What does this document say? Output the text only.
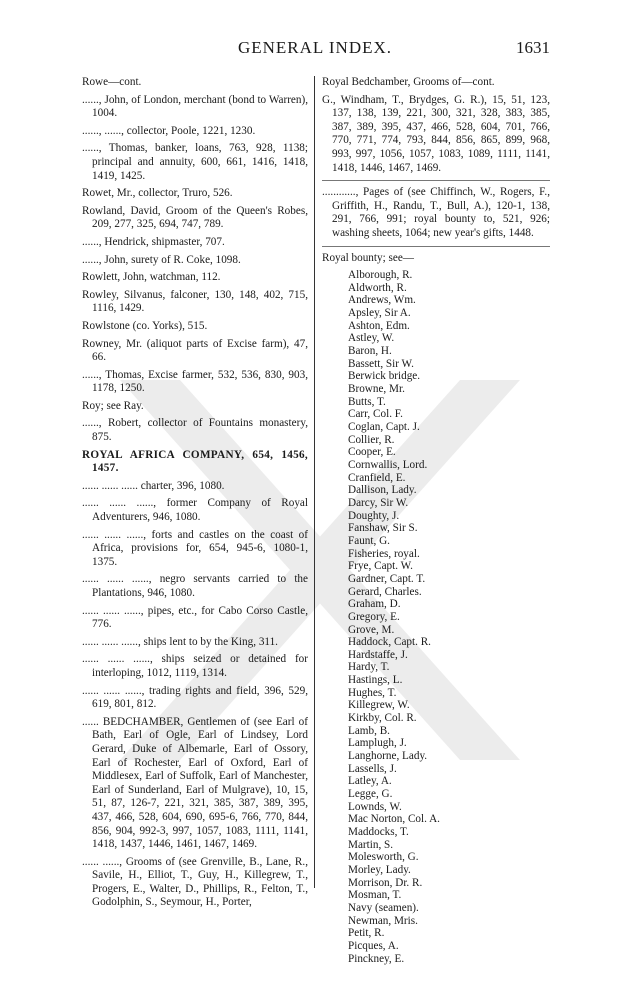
GENERAL INDEX.	1631

Rowe—cont.

......, John, of London, merchant (bond to Warren), 1004.

......, ......, collector, Poole, 1221, 1230.

......, Thomas, banker, loans, 763, 928, 1138; principal and annuity, 600, 661, 1416, 1418, 1419, 1425.

Rowet, Mr., collector, Truro, 526.

Rowland, David, Groom of the Queen's Robes, 209, 277, 325, 694, 747, 789.

......, Hendrick, shipmaster, 707.

......, John, surety of R. Coke, 1098.

Rowlett, John, watchman, 112.

Rowley, Silvanus, falconer, 130, 148, 402, 715, 1116, 1429.

Rowlstone (co. Yorks), 515.

Rowney, Mr. (aliquot parts of Excise farm), 47, 66.

......, Thomas, Excise farmer, 532, 536, 830, 903, 1178, 1250.

Roy; see Ray.

......, Robert, collector of Fountains monastery, 875.

ROYAL AFRICA COMPANY, 654, 1456, 1457.

...... ...... ...... charter, 396, 1080.

...... ...... ......, former Company of Royal Adventurers, 946, 1080.

...... ...... ......, forts and castles on the coast of Africa, provisions for, 654, 945-6, 1080-1, 1375.

...... ...... ......, negro servants carried to the Plantations, 946, 1080.

...... ...... ......, pipes, etc., for Cabo Corso Castle, 776.

...... ...... ......, ships lent to by the King, 311.

...... ...... ......, ships seized or detained for interloping, 1012, 1119, 1314.

...... ...... ......, trading rights and field, 396, 529, 619, 801, 812.

...... BEDCHAMBER, Gentlemen of (see Earl of Bath, Earl of Ogle, Earl of Lindsey, Lord Gerard, Duke of Albemarle, Earl of Ossory, Earl of Rochester, Earl of Oxford, Earl of Middlesex, Earl of Suffolk, Earl of Manchester, Earl of Sunderland, Earl of Mulgrave), 10, 15, 51, 87, 126-7, 221, 321, 385, 387, 389, 395, 437, 466, 528, 604, 690, 695-6, 766, 770, 844, 856, 904, 992-3, 997, 1057, 1083, 1111, 1141, 1418, 1437, 1446, 1461, 1467, 1469.

...... ......, Grooms of (see Grenville, B., Lane, R., Savile, H., Elliot, T., Guy, H., Killegrew, T., Progers, E., Walter, D., Phillips, R., Felton, T., Godolphin, S., Seymour, H., Porter,

Royal Bedchamber, Grooms of—cont.

G., Windham, T., Brydges, G. R.), 15, 51, 123, 137, 138, 139, 221, 300, 321, 328, 383, 385, 387, 389, 395, 437, 466, 528, 604, 701, 766, 770, 771, 774, 793, 844, 856, 865, 899, 968, 993, 997, 1056, 1057, 1083, 1089, 1111, 1141, 1418, 1446, 1467, 1469.

............, Pages of (see Chiffinch, W., Rogers, F., Griffith, H., Randu, T., Bull, A.), 120-1, 138, 291, 766, 991; royal bounty to, 521, 926; washing sheets, 1064; new year's gifts, 1448.

Royal bounty; see—

Alborough, R.
Aldworth, R.
Andrews, Wm.
Apsley, Sir A.
Ashton, Edm.
Astley, W.
Baron, H.
Bassett, Sir W.
Berwick bridge.
Browne, Mr.
Butts, T.
Carr, Col. F.
Coglan, Capt. J.
Collier, R.
Cooper, E.
Cornwallis, Lord.
Cranfield, E.
Dallison, Lady.
Darcy, Sir W.
Doughty, J.
Fanshaw, Sir S.
Faunt, G.
Fisheries, royal.
Frye, Capt. W.
Gardner, Capt. T.
Gerard, Charles.
Graham, D.
Gregory, E.
Grove, M.
Haddock, Capt. R.
Hardstaffe, J.
Hardy, T.
Hastings, L.
Hughes, T.
Killegrew, W.
Kirkby, Col. R.
Lamb, B.
Lamplugh, J.
Langhorne, Lady.
Lassells, J.
Latley, A.
Legge, G.
Lownds, W.
Mac Norton, Col. A.
Maddocks, T.
Martin, S.
Molesworth, G.
Morley, Lady.
Morrison, Dr. R.
Mosman, T.
Navy (seamen).
Newman, Mris.
Petit, R.
Picques, A.
Pinckney, E.
